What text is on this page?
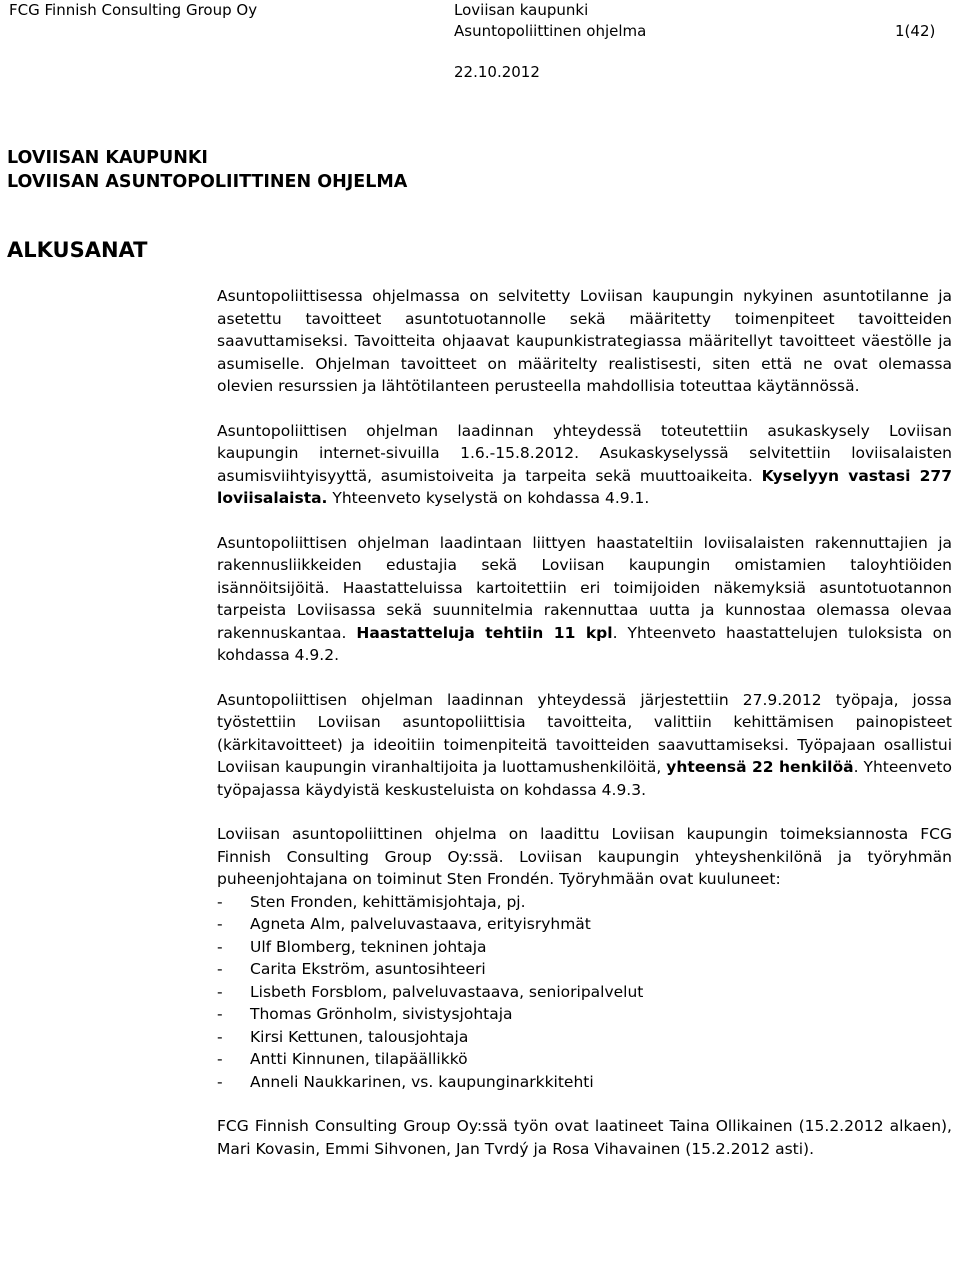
FCG Finnish Consulting Group Oy	Loviisan kaupunki
Asuntopoliittinen ohjelma	1(42)
22.10.2012
LOVIISAN KAUPUNKI
LOVIISAN ASUNTOPOLIITTINEN OHJELMA
ALKUSANAT

Asuntopoliittisessa ohjelmassa on selvitetty Loviisan kaupungin nykyinen asuntotilanne ja asetettu tavoitteet asuntotuotannolle sekä määritetty toimenpiteet tavoitteiden saavuttamiseksi. Tavoitteita ohjaavat kaupunkistrategiassa määritellyt tavoitteet väestölle ja asumiselle. Ohjelman tavoitteet on määritelty realistisesti, siten että ne ovat olemassa olevien resurssien ja lähtötilanteen perusteella mahdollisia toteuttaa käytännössä.

Asuntopoliittisen ohjelman laadinnan yhteydessä toteutettiin asukaskysely Loviisan kaupungin internet-sivuilla 1.6.-15.8.2012. Asukaskyselyssä selvitettiin loviisalaisten asumisviihtyisyyttä, asumistoiveita ja tarpeita sekä muuttoaikeita. Kyselyyn vastasi 277 loviisalaista. Yhteenveto kyselystä on kohdassa 4.9.1.

Asuntopoliittisen ohjelman laadintaan liittyen haastateltiin loviisalaisten rakennuttajien ja rakennusliikkeiden edustajia sekä Loviisan kaupungin omistamien taloyhtiöiden isännöitsijöitä. Haastatteluissa kartoitettiin eri toimijoiden näkemyksiä asuntotuotannon tarpeista Loviisassa sekä suunnitelmia rakennuttaa uutta ja kunnostaa olemassa olevaa rakennuskantaa. Haastatteluja tehtiin 11 kpl. Yhteenveto haastattelujen tuloksista on kohdassa 4.9.2.

Asuntopoliittisen ohjelman laadinnan yhteydessä järjestettiin 27.9.2012 työpaja, jossa työstettiin Loviisan asuntopoliittisia tavoitteita, valittiin kehittämisen painopisteet (kärkitavoitteet) ja ideoitiin toimenpiteitä tavoitteiden saavuttamiseksi. Työpajaan osallistui Loviisan kaupungin viranhaltijoita ja luottamushenkilöitä, yhteensä 22 henkilöä. Yhteenveto työpajassa käydyistä keskusteluista on kohdassa 4.9.3.

Loviisan asuntopoliittinen ohjelma on laadittu Loviisan kaupungin toimeksiannosta FCG Finnish Consulting Group Oy:ssä. Loviisan kaupungin yhteyshenkilönä ja työryhmän puheenjohtajana on toiminut Sten Frondén. Työryhmään ovat kuuluneet:

- Sten Fronden, kehittämisjohtaja, pj.
- Agneta Alm, palveluvastaava, erityisryhmät
- Ulf Blomberg, tekninen johtaja
- Carita Ekström, asuntosihteeri
- Lisbeth Forsblom, palveluvastaava, senioripalvelut
- Thomas Grönholm, sivistysjohtaja
- Kirsi Kettunen, talousjohtaja
- Antti Kinnunen, tilapäällikkö
- Anneli Naukkarinen, vs. kaupunginarkkitehti

FCG Finnish Consulting Group Oy:ssä työn ovat laatineet Taina Ollikainen (15.2.2012 alkaen), Mari Kovasin, Emmi Sihvonen, Jan Tvrdý ja Rosa Vihavainen (15.2.2012 asti).
